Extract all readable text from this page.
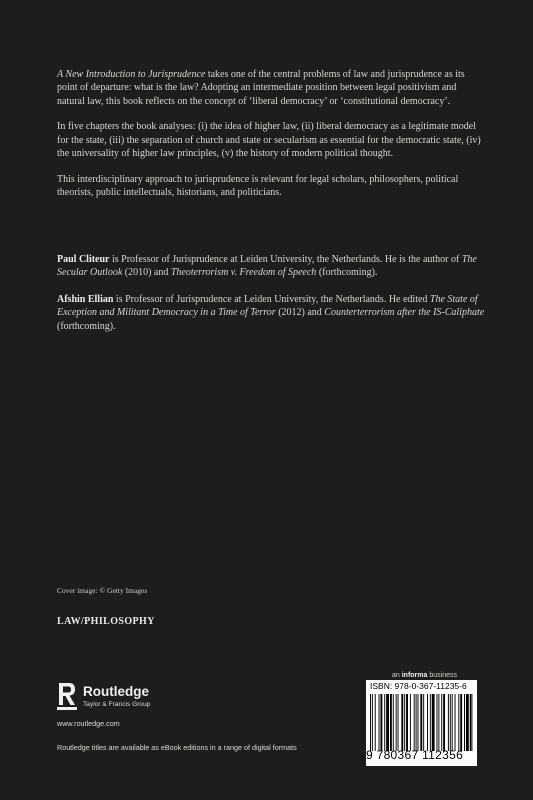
A New Introduction to Jurisprudence takes one of the central problems of law and jurisprudence as its point of departure: what is the law? Adopting an intermediate position between legal positivism and natural law, this book reflects on the concept of ‘liberal democracy’ or ‘constitutional democracy’.

In five chapters the book analyses: (i) the idea of higher law, (ii) liberal democracy as a legitimate model for the state, (iii) the separation of church and state or secularism as essential for the democratic state, (iv) the universality of higher law principles, (v) the history of modern political thought.

This interdisciplinary approach to jurisprudence is relevant for legal scholars, philosophers, political theorists, public intellectuals, historians, and politicians.

Paul Cliteur is Professor of Jurisprudence at Leiden University, the Netherlands. He is the author of The Secular Outlook (2010) and Theoterrorism v. Freedom of Speech (forthcoming).

Afshin Ellian is Professor of Jurisprudence at Leiden University, the Netherlands. He edited The State of Exception and Militant Democracy in a Time of Terror (2012) and Counterterrorism after the IS-Caliphate (forthcoming).

Cover image: © Getty Images
LAW/PHILOSOPHY
Routledge
Taylor & Francis Group
www.routledge.com
Routledge titles are available as eBook editions in a range of digital formats
an informa business
ISBN: 978-0-367-11235-6
9 780367 112356
